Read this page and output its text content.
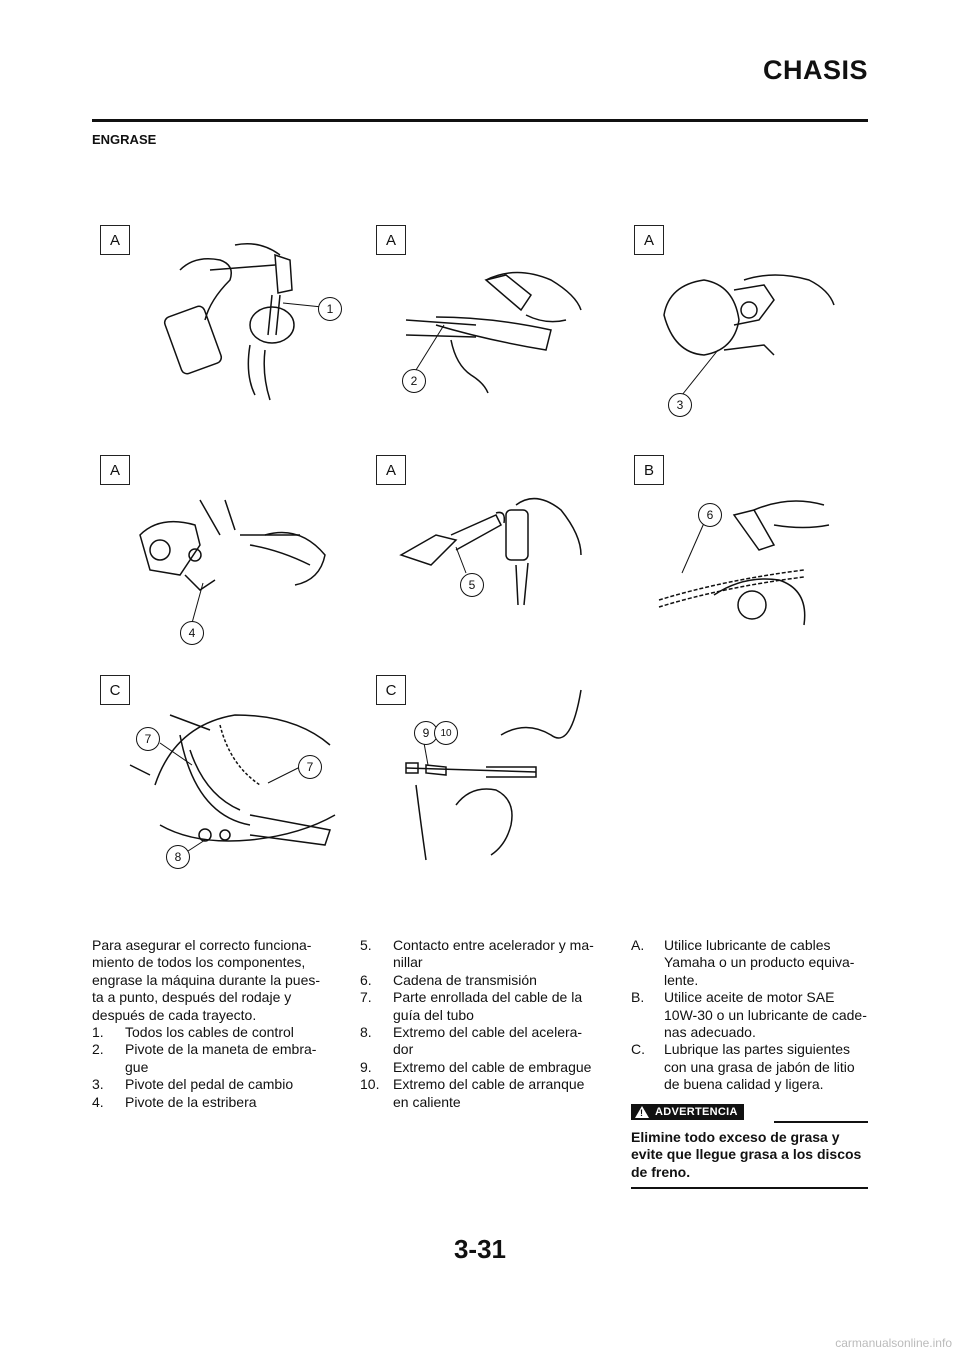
CHASIS
ENGRASE
A
1
A
2
A
3
A
4
A
5
B
6
C
7
7
8
C
9	10

Para asegurar el correcto funciona-miento de todos los componentes, engrase la máquina durante la pues-ta a punto, después del rodaje y después de cada trayecto.

1.	Todos los cables de control
2.	Pivote de la maneta de embra-gue
3.	Pivote del pedal de cambio
4.	Pivote de la estribera
5.	Contacto entre acelerador y ma-nillar
6.	Cadena de transmisión
7.	Parte enrollada del cable de la guía del tubo
8.	Extremo del cable del acelera-dor
9.	Extremo del cable de embrague
10. Extremo del cable de arranque en caliente
A.	Utilice lubricante de cables Yamaha o un producto equiva-lente.
B.	Utilice aceite de motor SAE 10W-30 o un lubricante de cade-nas adecuado.
C.	Lubrique las partes siguientes con una grasa de jabón de litio de buena calidad y ligera.
! ADVERTENCIA
Elimine todo exceso de grasa y evite que llegue grasa a los discos de freno.
3-31
carmanualsonline.info
